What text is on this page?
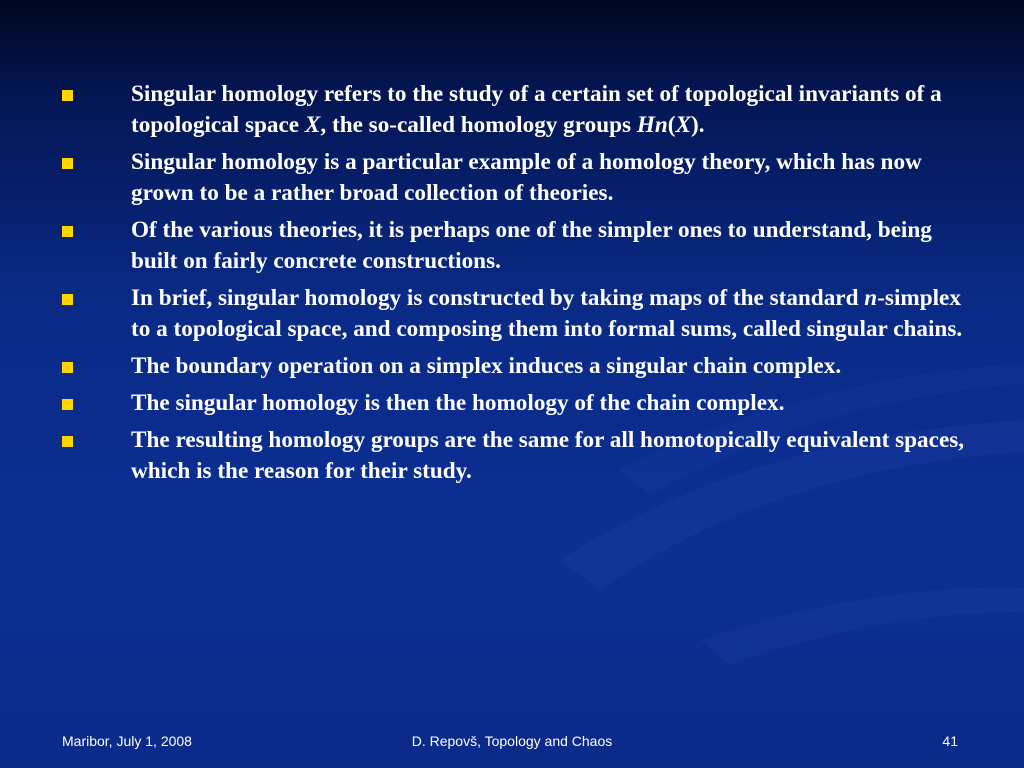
Singular homology refers to the study of a certain set of topological invariants of a topological space X, the so-called homology groups Hn(X).
Singular homology is a particular example of a homology theory, which has now grown to be a rather broad collection of theories.
Of the various theories, it is perhaps one of the simpler ones to understand, being built on fairly concrete constructions.
In brief, singular homology is constructed by taking maps of the standard n-simplex to a topological space, and composing them into formal sums, called singular chains.
The boundary operation on a simplex induces a singular chain complex.
The singular homology is then the homology of the chain complex.
The resulting homology groups are the same for all homotopically equivalent spaces, which is the reason for their study.
Maribor, July 1, 2008	D. Repovš, Topology and Chaos	41
